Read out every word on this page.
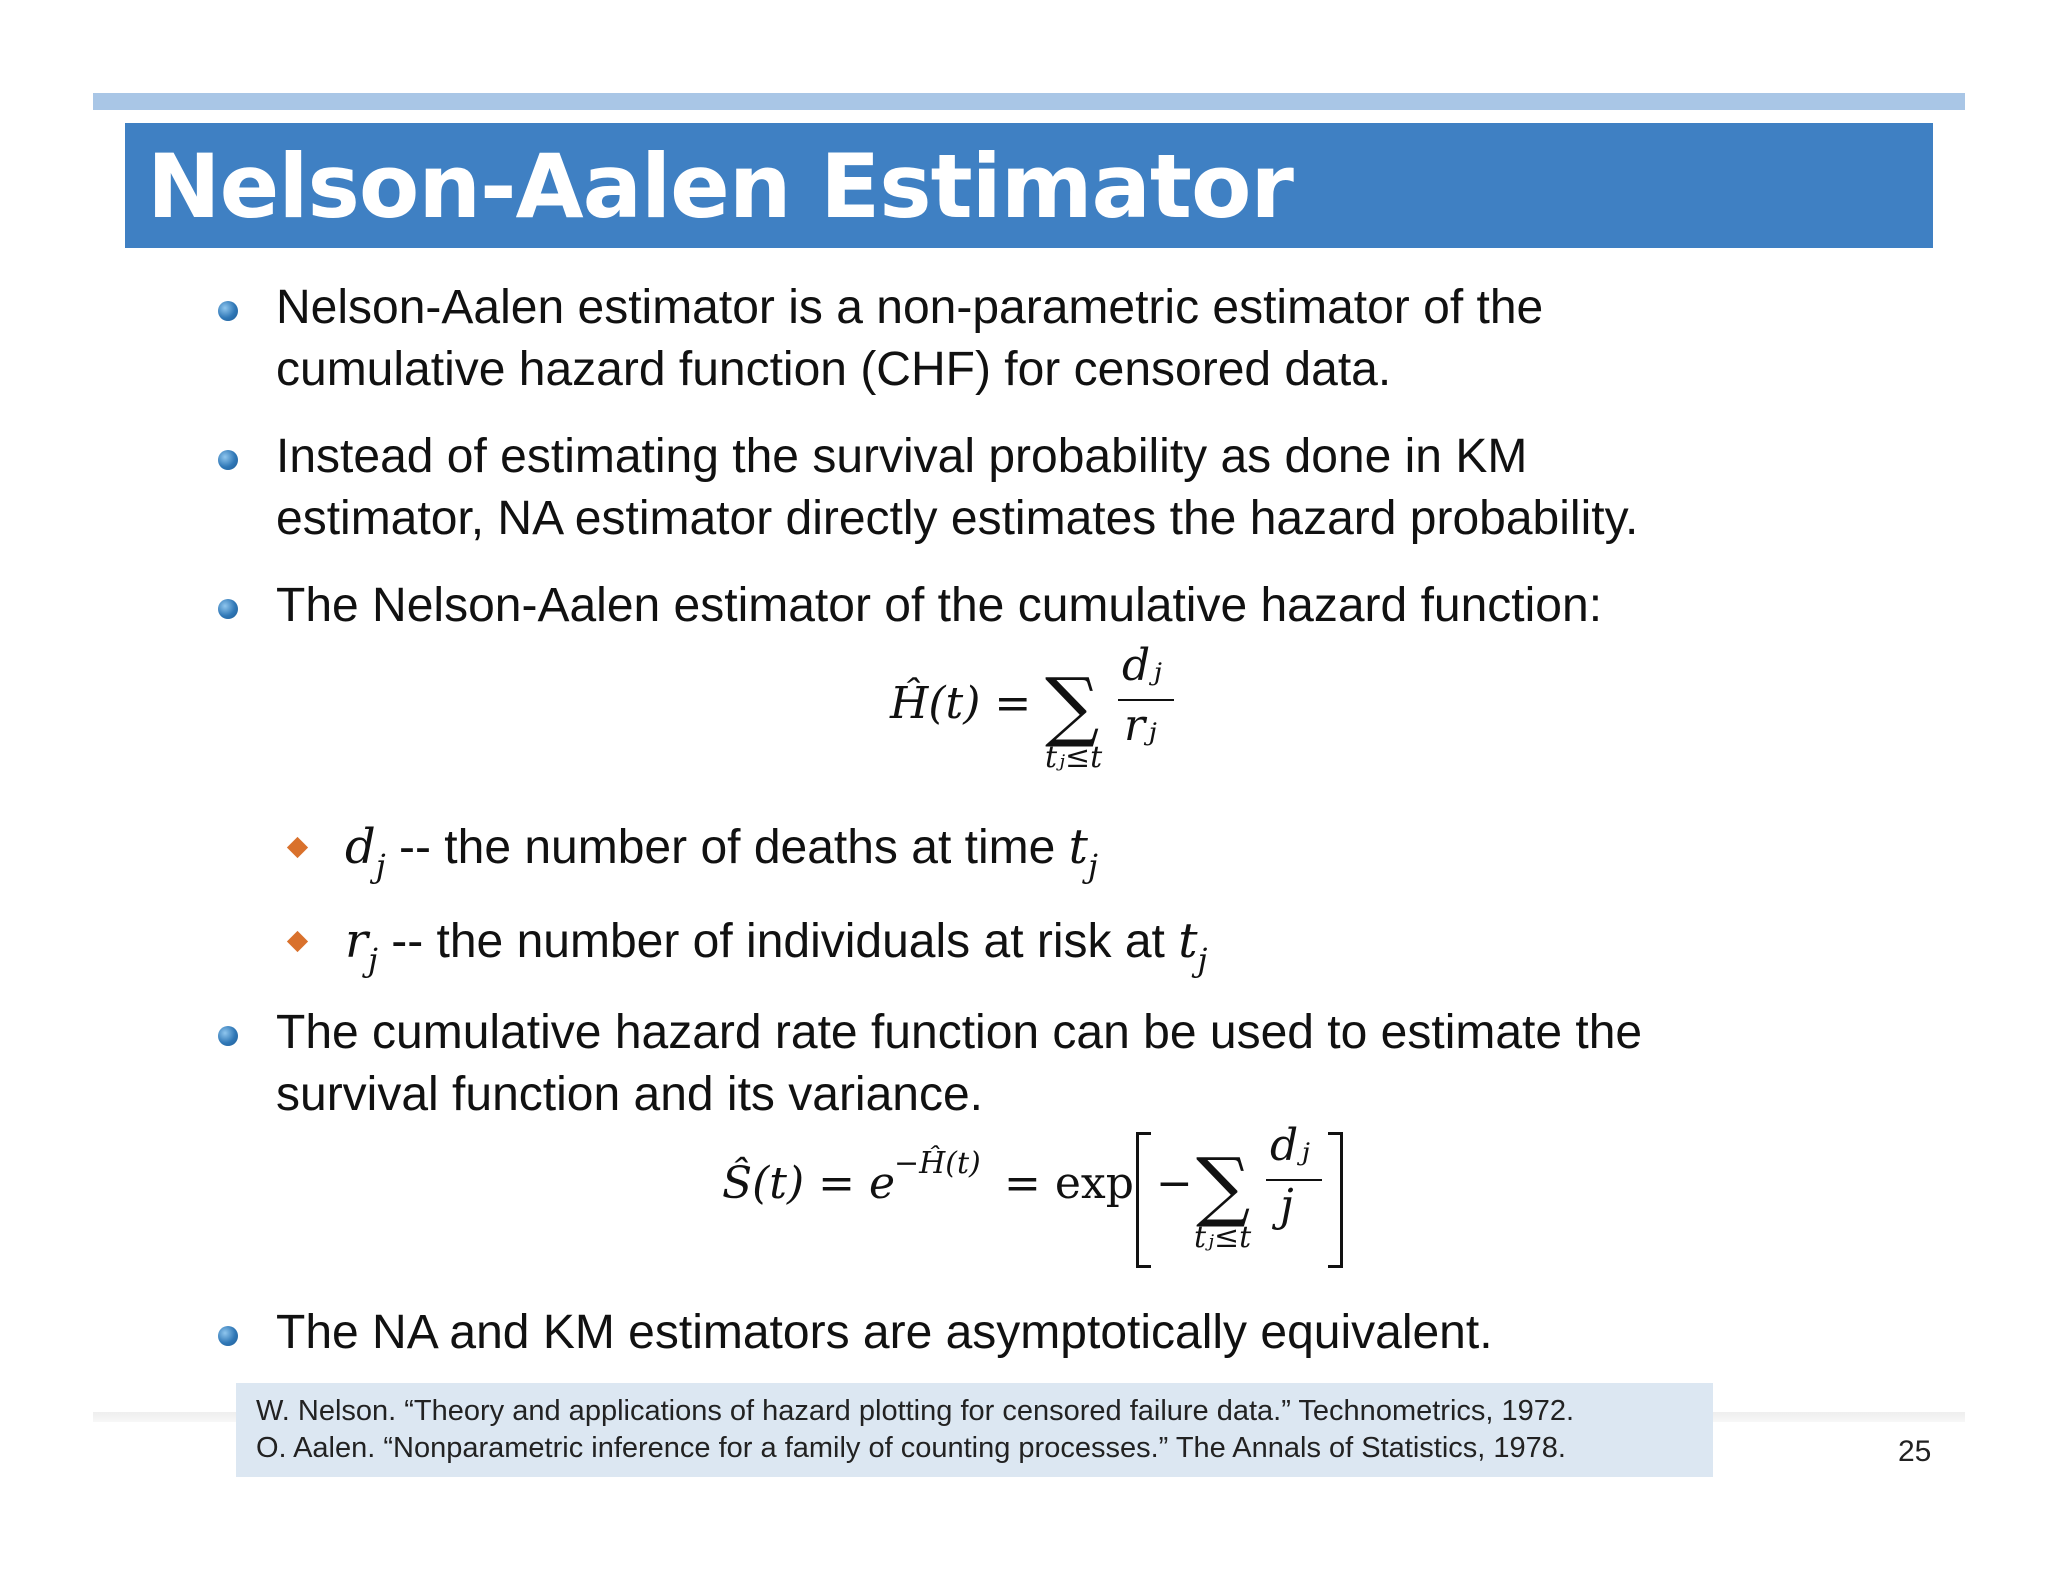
Nelson-Aalen Estimator
Nelson-Aalen estimator is a non-parametric estimator of the
cumulative hazard function (CHF) for censored data.
Instead of estimating the survival probability as done in KM
estimator, NA estimator directly estimates the hazard probability.
The Nelson-Aalen estimator of the cumulative hazard function:
Ĥ(t) = ∑
tⱼ≤t
dⱼ
rⱼ
$d_j$ -- the number of deaths at time $t_j$
$r_j$ -- the number of individuals at risk at $t_j$
The cumulative hazard rate function can be used to estimate the
survival function and its variance.
Ŝ(t) = e
−Ĥ(t) = exp − ∑
tⱼ≤t
dⱼ
j
The NA and KM estimators are asymptotically equivalent.
W. Nelson. “Theory and applications of hazard plotting for censored failure data.” Technometrics, 1972.
O. Aalen. “Nonparametric inference for a family of counting processes.” The Annals of Statistics, 1978.	25
